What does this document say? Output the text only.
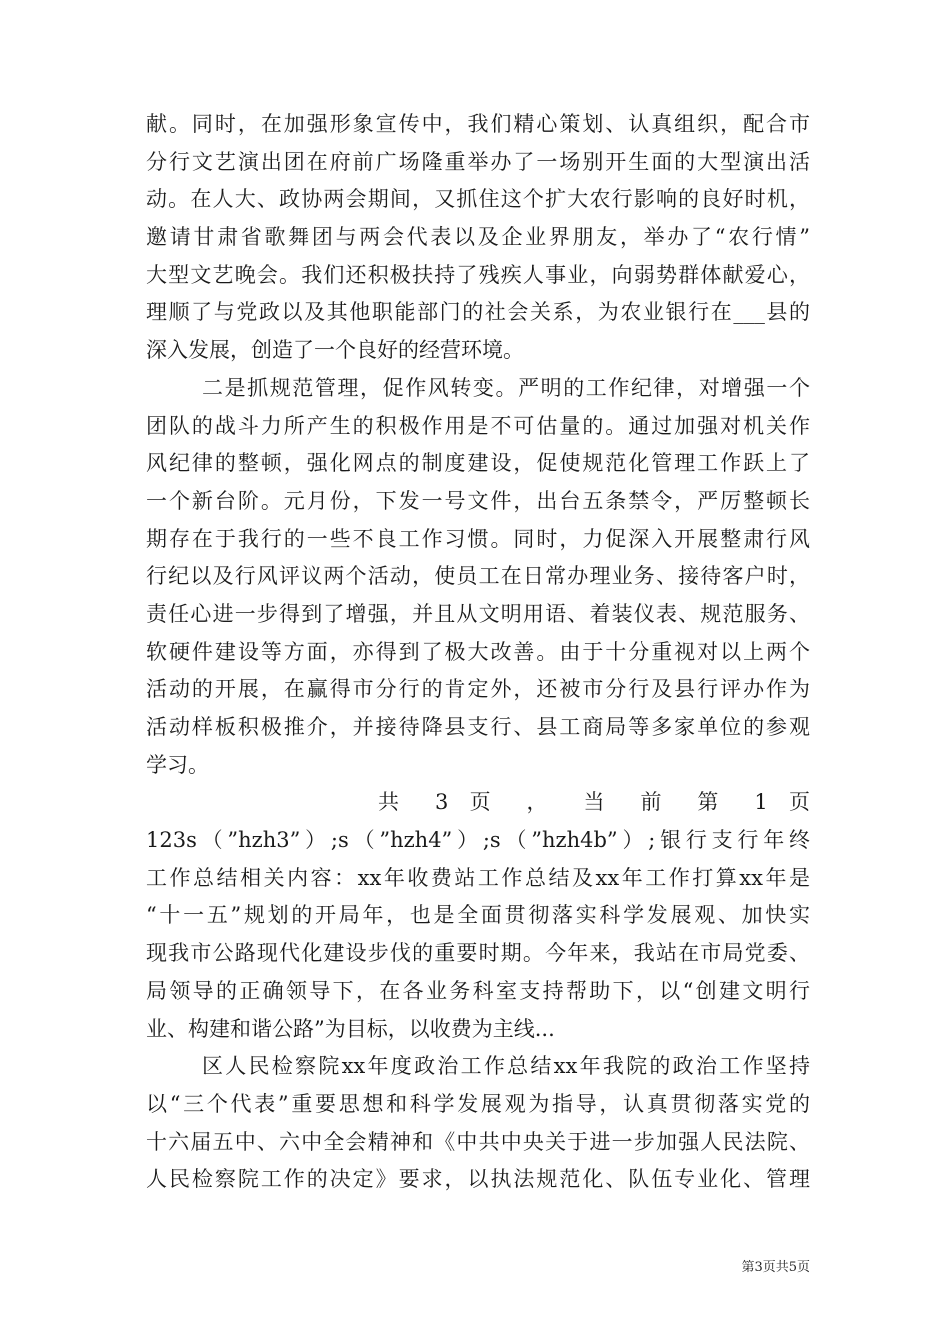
献。同时，在加强形象宣传中，我们精心策划、认真组织，配合市
分行文艺演出团在府前广场隆重举办了一场别开生面的大型演出活
动。在人大、政协两会期间，又抓住这个扩大农行影响的良好时机，
邀请甘肃省歌舞团与两会代表以及企业界朋友，举办了“农行情”
大型文艺晚会。我们还积极扶持了残疾人事业，向弱势群体献爱心，
理顺了与党政以及其他职能部门的社会关系，为农业银行在___县的
深入发展，创造了一个良好的经营环境。
二是抓规范管理，促作风转变。严明的工作纪律，对增强一个
团队的战斗力所产生的积极作用是不可估量的。通过加强对机关作
风纪律的整顿，强化网点的制度建设，促使规范化管理工作跃上了
一个新台阶。元月份，下发一号文件，出台五条禁令，严厉整顿长
期存在于我行的一些不良工作习惯。同时，力促深入开展整肃行风
行纪以及行风评议两个活动，使员工在日常办理业务、接待客户时，
责任心进一步得到了增强，并且从文明用语、着装仪表、规范服务、
软硬件建设等方面，亦得到了极大改善。由于十分重视对以上两个
活动的开展，在赢得市分行的肯定外，还被市分行及县行评办作为
活动样板积极推介，并接待降县支行、县工商局等多家单位的参观
学习。
共 3 页 ， 当 前 第 1 页
123s（”hzh3”）;s（”hzh4”）;s（”hzh4b”）;银行支行年终
工作总结相关内容：xx年收费站工作总结及xx年工作打算xx年是
“十一五”规划的开局年，也是全面贯彻落实科学发展观、加快实
现我市公路现代化建设步伐的重要时期。今年来，我站在市局党委、
局领导的正确领导下，在各业务科室支持帮助下，以“创建文明行
业、构建和谐公路”为目标，以收费为主线...
区人民检察院xx年度政治工作总结xx年我院的政治工作坚持
以“三个代表”重要思想和科学发展观为指导，认真贯彻落实党的
十六届五中、六中全会精神和《中共中央关于进一步加强人民法院、
人民检察院工作的决定》要求，以执法规范化、队伍专业化、管理
第3页共5页
